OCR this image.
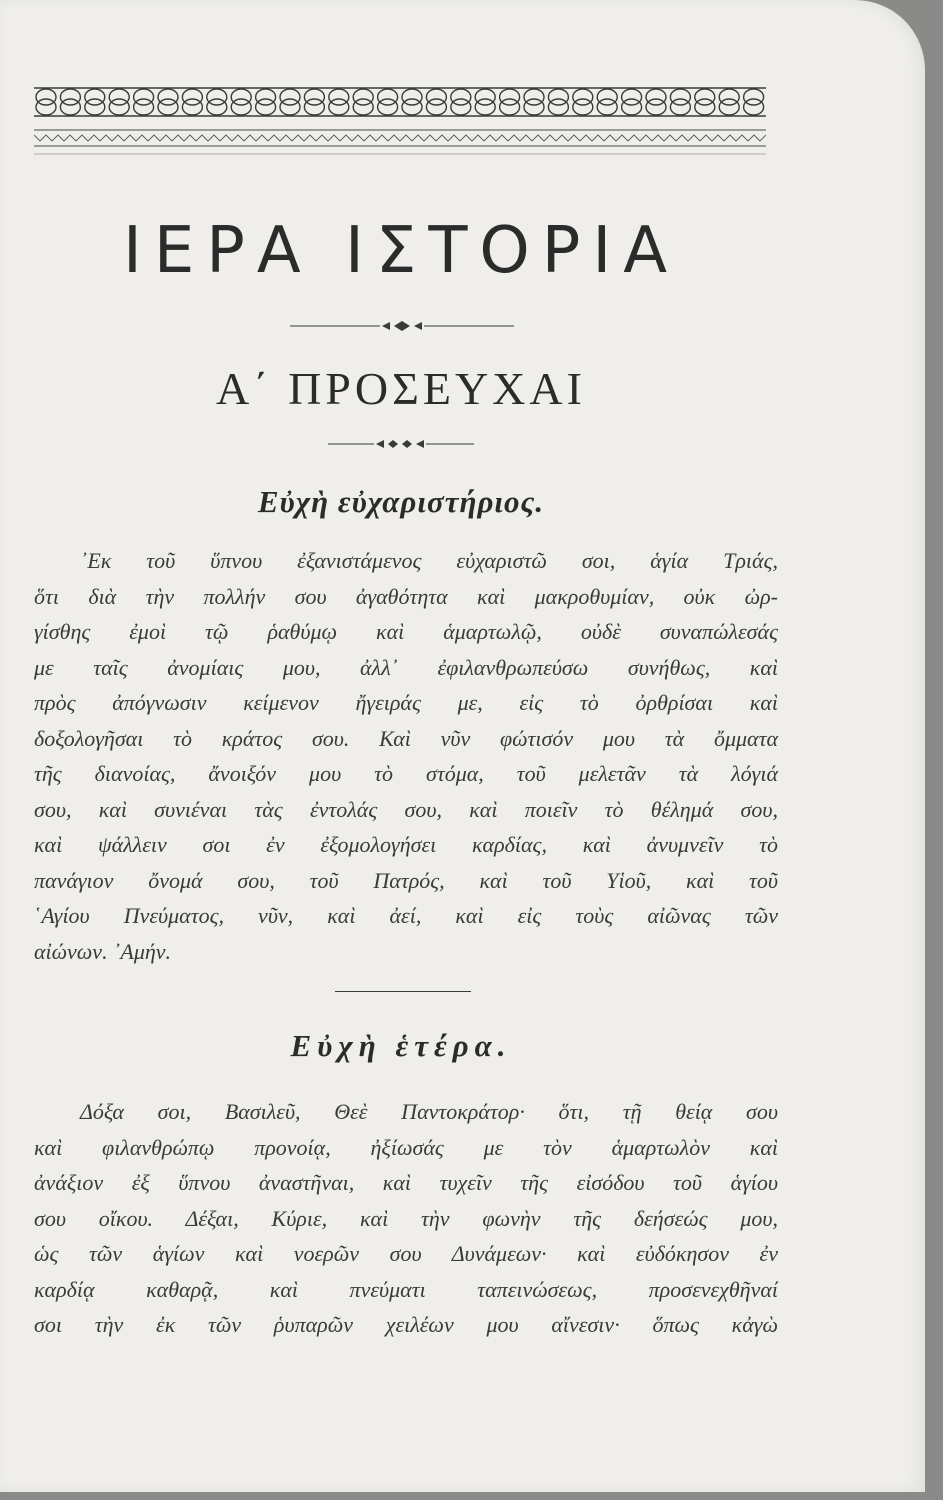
ΙΕΡΑ ΙΣΤΟΡΙΑ
Α΄ ΠΡΟΣΕΥΧΑΙ
Εὐχὴ εὐχαριστήριος.
᾿Εκ τοῦ ὕπνου ἐξανιστάμενος εὐχαριστῶ σοι, ἁγία Τριάς,
ὅτι διὰ τὴν πολλήν σου ἀγαθότητα καὶ μακροθυμίαν, οὐκ ὠρ-
γίσθης ἐμοὶ τῷ ῥαθύμῳ καὶ ἁμαρτωλῷ, οὐδὲ συναπώλεσάς
με ταῖς ἀνομίαις μου, ἀλλ᾿ ἐφιλανθρωπεύσω συνήθως, καὶ
πρὸς ἀπόγνωσιν κείμενον ἤγειράς με, εἰς τὸ ὀρθρίσαι καὶ
δοξολογῆσαι τὸ κράτος σου. Καὶ νῦν φώτισόν μου τὰ ὄμματα
τῆς διανοίας, ἄνοιξόν μου τὸ στόμα, τοῦ μελετᾶν τὰ λόγιά
σου, καὶ συνιέναι τὰς ἐντολάς σου, καὶ ποιεῖν τὸ θέλημά σου,
καὶ ψάλλειν σοι ἐν ἐξομολογήσει καρδίας, καὶ ἀνυμνεῖν τὸ
πανάγιον ὄνομά σου, τοῦ Πατρός, καὶ τοῦ Υἱοῦ, καὶ τοῦ
῾Αγίου Πνεύματος, νῦν, καὶ ἀεί, καὶ εἰς τοὺς αἰῶνας τῶν
αἰώνων. ᾿Αμήν.
Εὐχὴ ἑτέρα.
Δόξα σοι, Βασιλεῦ, Θεὲ Παντοκράτορ· ὅτι, τῇ θείᾳ σου
καὶ φιλανθρώπῳ προνοίᾳ, ἠξίωσάς με τὸν ἁμαρτωλὸν καὶ
ἀνάξιον ἐξ ὕπνου ἀναστῆναι, καὶ τυχεῖν τῆς εἰσόδου τοῦ ἁγίου
σου οἴκου. Δέξαι, Κύριε, καὶ τὴν φωνὴν τῆς δεήσεώς μου,
ὡς τῶν ἁγίων καὶ νοερῶν σου Δυνάμεων· καὶ εὐδόκησον ἐν
καρδίᾳ καθαρᾷ, καὶ πνεύματι ταπεινώσεως, προσενεχθῆναί
σοι τὴν ἐκ τῶν ῥυπαρῶν χειλέων μου αἴνεσιν· ὅπως κἀγὼ
